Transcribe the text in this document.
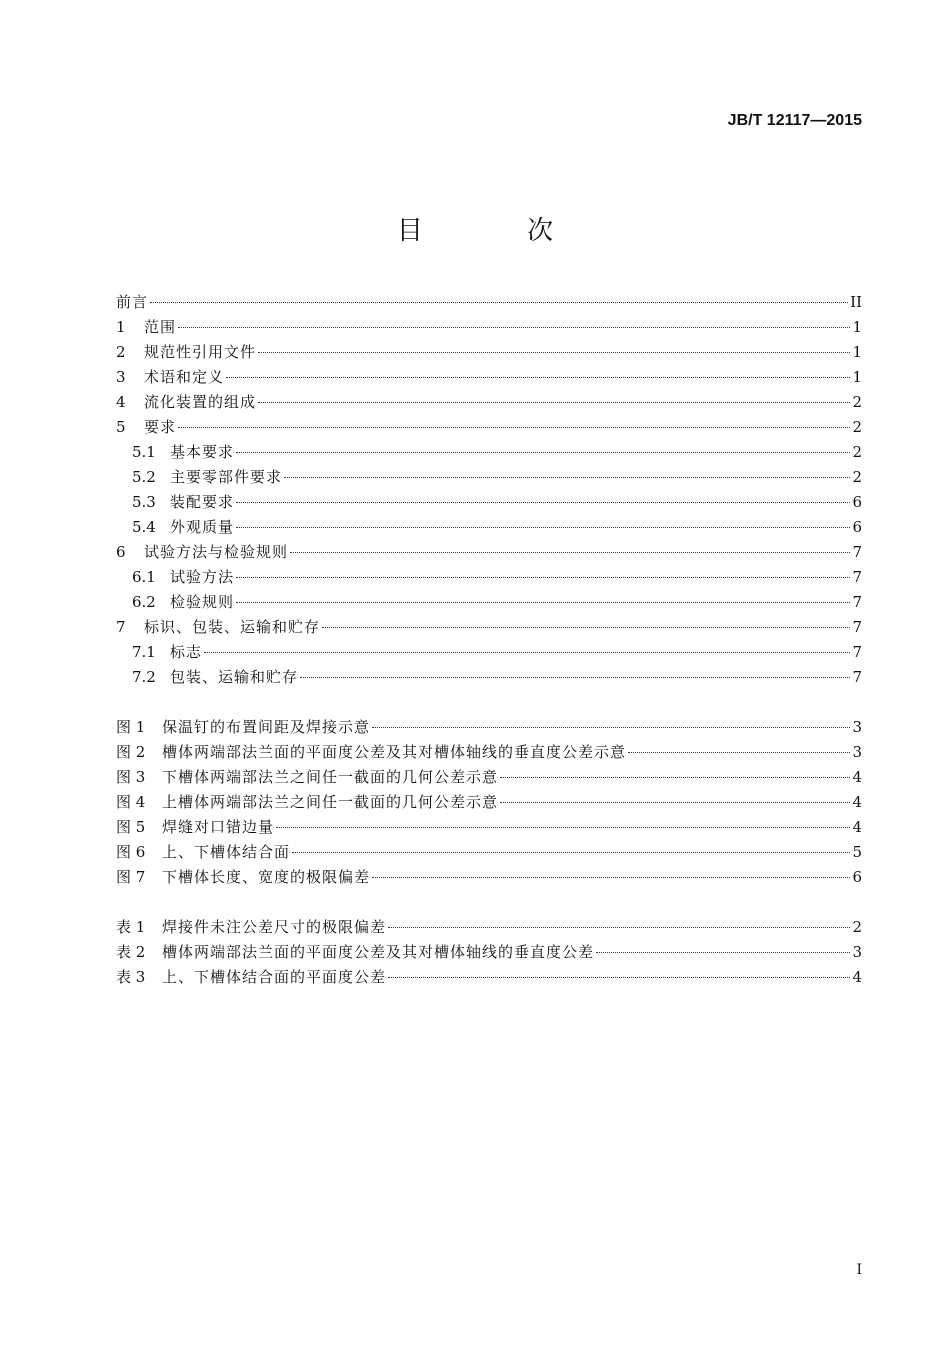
JB/T 12117—2015
目 次
前言	II
1	范围	1
2	规范性引用文件	1
3	术语和定义	1
4	流化装置的组成	2
5	要求	2
5.1 基本要求	2
5.2 主要零部件要求	2
5.3 装配要求	6
5.4 外观质量	6
6	试验方法与检验规则	7
6.1 试验方法	7
6.2 检验规则	7
7	标识、包装、运输和贮存	7
7.1 标志	7
7.2 包装、运输和贮存	7
图 1	保温钉的布置间距及焊接示意	3
图 2	槽体两端部法兰面的平面度公差及其对槽体轴线的垂直度公差示意	3
图 3	下槽体两端部法兰之间任一截面的几何公差示意	4
图 4	上槽体两端部法兰之间任一截面的几何公差示意	4
图 5	焊缝对口错边量	4
图 6	上、下槽体结合面	5
图 7	下槽体长度、宽度的极限偏差	6
表 1	焊接件未注公差尺寸的极限偏差	2
表 2	槽体两端部法兰面的平面度公差及其对槽体轴线的垂直度公差	3
表 3	上、下槽体结合面的平面度公差	4
I
